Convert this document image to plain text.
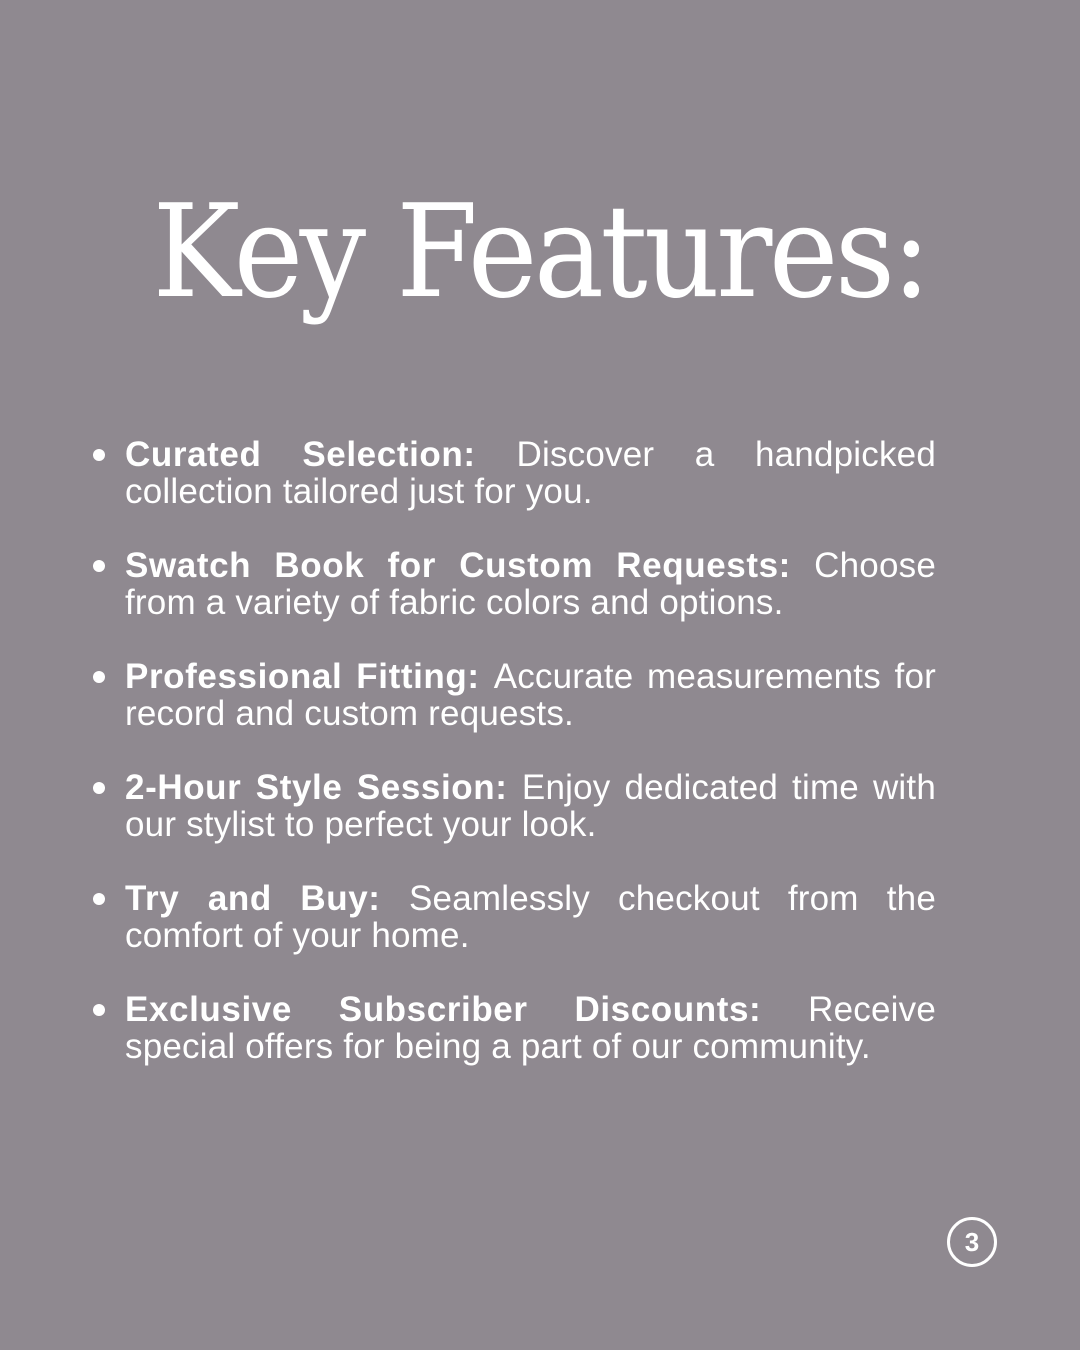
Key Features:
Curated Selection: Discover a handpicked collection tailored just for you.
Swatch Book for Custom Requests: Choose from a variety of fabric colors and options.
Professional Fitting: Accurate measurements for record and custom requests.
2-Hour Style Session: Enjoy dedicated time with our stylist to perfect your look.
Try and Buy: Seamlessly checkout from the comfort of your home.
Exclusive Subscriber Discounts: Receive special offers for being a part of our community.
3
